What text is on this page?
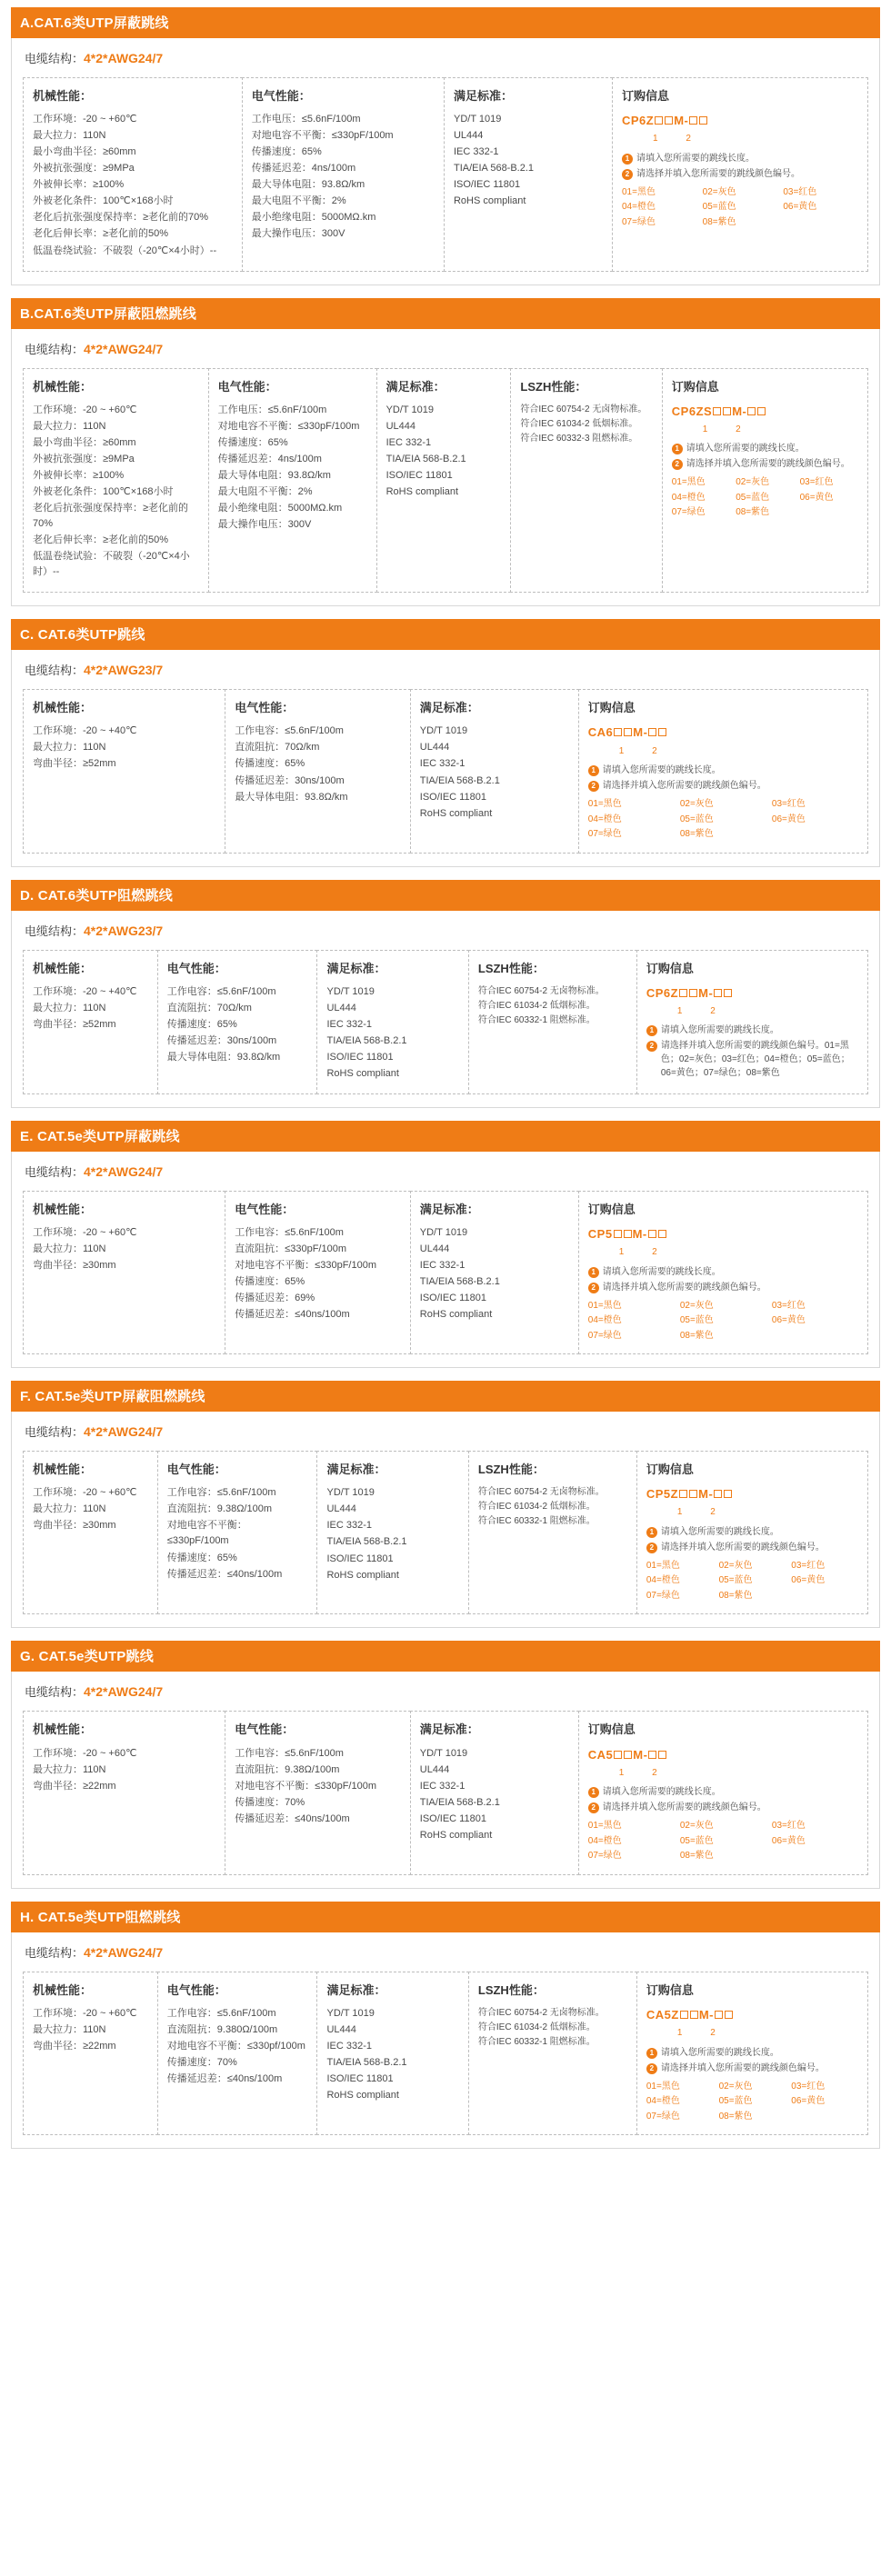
A.CAT.6类UTP屏蔽跳线
电缆结构：4*2*AWG24/7
机械性能：

工作环境：-20 ~ +60℃

最大拉力：110N

最小弯曲半径：≥60mm

外被抗张强度：≥9MPa

外被伸长率：≥100%

外被老化条件：100℃×168小时

老化后抗张强度保持率：≥老化前的70%

老化后伸长率：≥老化前的50%

低温卷绕试验：不破裂（-20℃×4小时）--

电气性能：

工作电压：≤5.6nF/100m

对地电容不平衡：≤330pF/100m

传播速度：65%

传播延迟差：4ns/100m

最大导体电阻：93.8Ω/km

最大电阻不平衡：2%

最小绝缘电阻：5000MΩ.km

最大操作电压：300V

满足标准：

YD/T 1019

UL444

IEC 332-1

TIA/EIA 568-B.2.1

ISO/IEC 11801

RoHS compliant

订购信息
CP6Z M-
1 2
1 请填入您所需要的跳线长度。
2 请选择并填入您所需要的跳线颜色编号。
01=黑色	02=灰色	03=红色
04=橙色	05=蓝色	06=黄色
07=绿色	08=紫色
B.CAT.6类UTP屏蔽阻燃跳线
电缆结构：4*2*AWG24/7
机械性能：

工作环境：-20 ~ +60℃

最大拉力：110N

最小弯曲半径：≥60mm

外被抗张强度：≥9MPa

外被伸长率：≥100%

外被老化条件：100℃×168小时

老化后抗张强度保持率：≥老化前的70%

老化后伸长率：≥老化前的50%

低温卷绕试验：不破裂（-20℃×4小时）--

电气性能：

工作电压：≤5.6nF/100m

对地电容不平衡：≤330pF/100m

传播速度：65%

传播延迟差：4ns/100m

最大导体电阻：93.8Ω/km

最大电阻不平衡：2%

最小绝缘电阻：5000MΩ.km

最大操作电压：300V

满足标准：

YD/T 1019

UL444

IEC 332-1

TIA/EIA 568-B.2.1

ISO/IEC 11801

RoHS compliant

LSZH性能：

符合IEC 60754-2 无卤物标准。

符合IEC 61034-2 低烟标准。

符合IEC 60332-3 阻燃标准。

订购信息
CP6ZS M-
1 2
1 请填入您所需要的跳线长度。
2 请选择并填入您所需要的跳线颜色编号。
01=黑色	02=灰色	03=红色
04=橙色	05=蓝色	06=黄色
07=绿色	08=紫色
C. CAT.6类UTP跳线
电缆结构：4*2*AWG23/7
机械性能：

工作环境：-20 ~ +40℃

最大拉力：110N

弯曲半径：≥52mm

电气性能：

工作电容：≤5.6nF/100m

直流阻抗：70Ω/km

传播速度：65%

传播延迟差：30ns/100m

最大导体电阻：93.8Ω/km

满足标准：

YD/T 1019

UL444

IEC 332-1

TIA/EIA 568-B.2.1

ISO/IEC 11801

RoHS compliant

订购信息
CA6 M-
1 2
1 请填入您所需要的跳线长度。
2 请选择并填入您所需要的跳线颜色编号。
01=黑色	02=灰色	03=红色
04=橙色	05=蓝色	06=黄色
07=绿色	08=紫色
D. CAT.6类UTP阻燃跳线
电缆结构：4*2*AWG23/7
机械性能：

工作环境：-20 ~ +40℃

最大拉力：110N

弯曲半径：≥52mm

电气性能：

工作电容：≤5.6nF/100m

直流阻抗：70Ω/km

传播速度：65%

传播延迟差：30ns/100m

最大导体电阻：93.8Ω/km

满足标准：

YD/T 1019

UL444

IEC 332-1

TIA/EIA 568-B.2.1

ISO/IEC 11801

RoHS compliant

LSZH性能：

符合IEC 60754-2 无卤物标准。

符合IEC 61034-2 低烟标准。

符合IEC 60332-1 阻燃标准。

订购信息
CP6Z M-
1 2
1 请填入您所需要的跳线长度。
2 请选择并填入您所需要的跳线颜色编号。01=黑色；02=灰色；03=红色；04=橙色；05=蓝色；06=黄色；07=绿色；08=紫色
E. CAT.5e类UTP屏蔽跳线
电缆结构：4*2*AWG24/7
机械性能：

工作环境：-20 ~ +60℃

最大拉力：110N

弯曲半径：≥30mm

电气性能：

工作电容：≤5.6nF/100m

直流阻抗：≤330pF/100m

对地电容不平衡：≤330pF/100m

传播速度：65%

传播延迟差：69%

传播延迟差：≤40ns/100m

满足标准：

YD/T 1019

UL444

IEC 332-1

TIA/EIA 568-B.2.1

ISO/IEC 11801

RoHS compliant

订购信息
CP5 M-
1 2
1 请填入您所需要的跳线长度。
2 请选择并填入您所需要的跳线颜色编号。
01=黑色	02=灰色	03=红色
04=橙色	05=蓝色	06=黄色
07=绿色	08=紫色
F. CAT.5e类UTP屏蔽阻燃跳线
电缆结构：4*2*AWG24/7
机械性能：

工作环境：-20 ~ +60℃

最大拉力：110N

弯曲半径：≥30mm

电气性能：

工作电容：≤5.6nF/100m

直流阻抗：9.38Ω/100m

对地电容不平衡：≤330pF/100m

传播速度：65%

传播延迟差：≤40ns/100m

满足标准：

YD/T 1019

UL444

IEC 332-1

TIA/EIA 568-B.2.1

ISO/IEC 11801

RoHS compliant

LSZH性能：

符合IEC 60754-2 无卤物标准。

符合IEC 61034-2 低烟标准。

符合IEC 60332-1 阻燃标准。

订购信息
CP5Z M-
1 2
1 请填入您所需要的跳线长度。
2 请选择并填入您所需要的跳线颜色编号。
01=黑色	02=灰色	03=红色
04=橙色	05=蓝色	06=黄色
07=绿色	08=紫色
G. CAT.5e类UTP跳线
电缆结构：4*2*AWG24/7
机械性能：

工作环境：-20 ~ +60℃

最大拉力：110N

弯曲半径：≥22mm

电气性能：

工作电容：≤5.6nF/100m

直流阻抗：9.38Ω/100m

对地电容不平衡：≤330pF/100m

传播速度：70%

传播延迟差：≤40ns/100m

满足标准：

YD/T 1019

UL444

IEC 332-1

TIA/EIA 568-B.2.1

ISO/IEC 11801

RoHS compliant

订购信息
CA5 M-
1 2
1 请填入您所需要的跳线长度。
2 请选择并填入您所需要的跳线颜色编号。
01=黑色	02=灰色	03=红色
04=橙色	05=蓝色	06=黄色
07=绿色	08=紫色
H. CAT.5e类UTP阻燃跳线
电缆结构：4*2*AWG24/7
机械性能：

工作环境：-20 ~ +60℃

最大拉力：110N

弯曲半径：≥22mm

电气性能：

工作电容：≤5.6nF/100m

直流阻抗：9.380Ω/100m

对地电容不平衡：≤330pf/100m

传播速度：70%

传播延迟差：≤40ns/100m

满足标准：

YD/T 1019

UL444

IEC 332-1

TIA/EIA 568-B.2.1

ISO/IEC 11801

RoHS compliant

LSZH性能：

符合IEC 60754-2 无卤物标准。

符合IEC 61034-2 低烟标准。

符合IEC 60332-1 阻燃标准。

订购信息
CA5Z M-
1 2
1 请填入您所需要的跳线长度。
2 请选择并填入您所需要的跳线颜色编号。
01=黑色	02=灰色	03=红色
04=橙色	05=蓝色	06=黄色
07=绿色	08=紫色
